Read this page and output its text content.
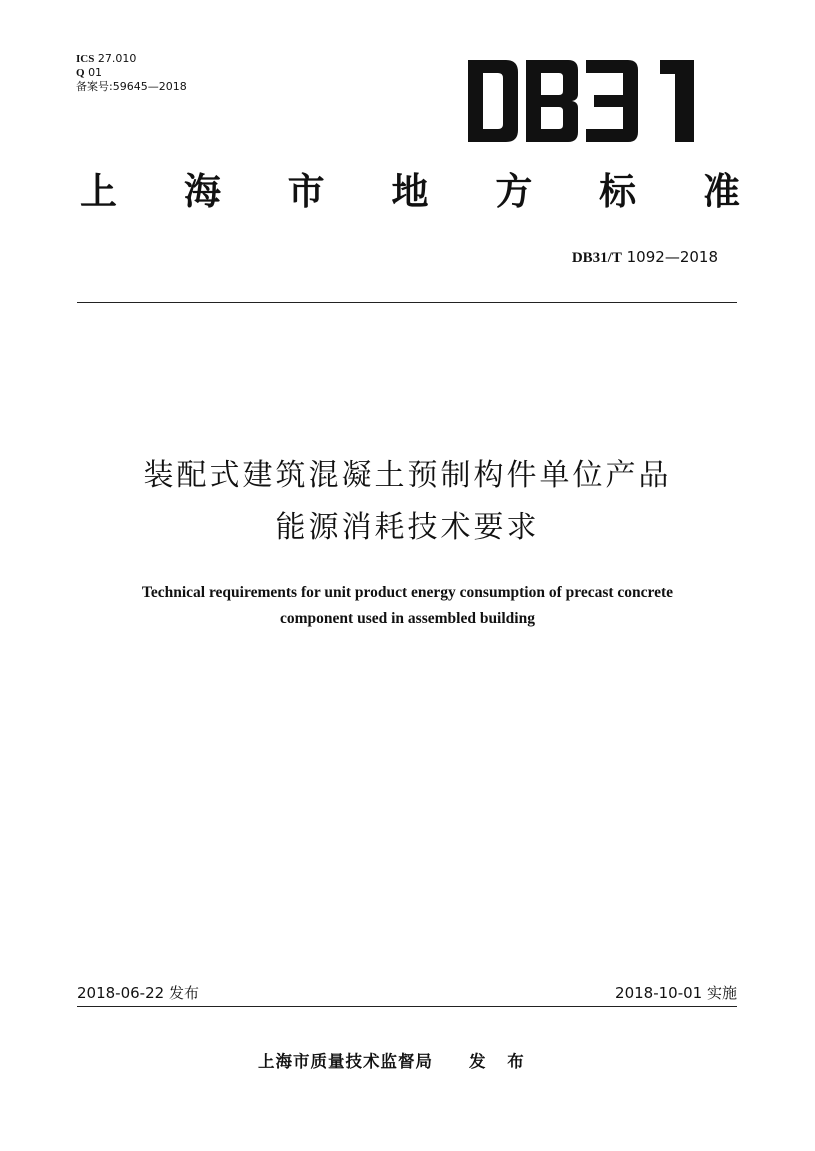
ICS 27.010
Q 01
备案号:59645—2018
上 海 市 地 方 标 准
DB31/T 1092—2018
装配式建筑混凝土预制构件单位产品
能源消耗技术要求
Technical requirements for unit product energy consumption of precast concrete
component used in assembled building
2018-06-22 发布	2018-10-01 实施
上海市质量技术监督局 发 布
